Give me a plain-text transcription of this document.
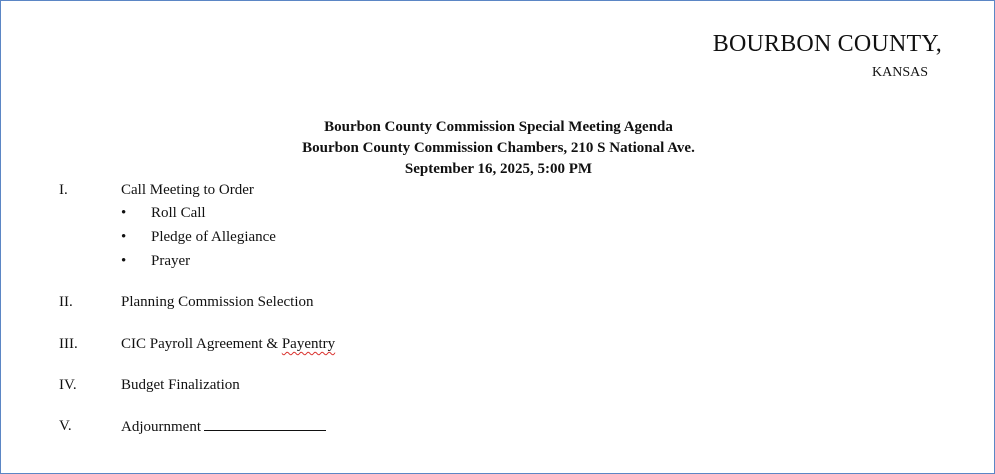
BOURBON COUNTY,
KANSAS
Bourbon County Commission Special Meeting Agenda
Bourbon County Commission Chambers, 210 S National Ave.
September 16, 2025, 5:00 PM
I.	Call Meeting to Order
• Roll Call
• Pledge of Allegiance
• Prayer
II.	Planning Commission Selection
III.	CIC Payroll Agreement & Payentry
IV.	Budget Finalization
V.	Adjournment
